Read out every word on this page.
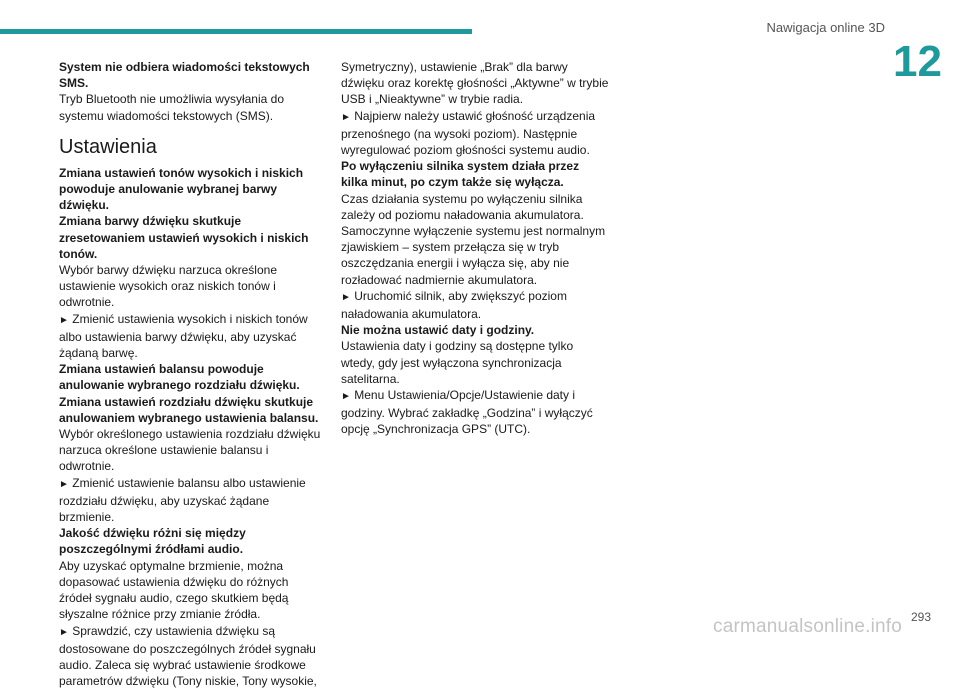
Nawigacja online 3D
12

System nie odbiera wiadomości tekstowych SMS.

Tryb Bluetooth nie umożliwia wysyłania do systemu wiadomości tekstowych (SMS).

Ustawienia

Zmiana ustawień tonów wysokich i niskich powoduje anulowanie wybranej barwy dźwięku.

Zmiana barwy dźwięku skutkuje zresetowaniem ustawień wysokich i niskich tonów.

Wybór barwy dźwięku narzuca określone ustawienie wysokich oraz niskich tonów i odwrotnie.

► Zmienić ustawienia wysokich i niskich tonów albo ustawienia barwy dźwięku, aby uzyskać żądaną barwę.

Zmiana ustawień balansu powoduje anulowanie wybranego rozdziału dźwięku.

Zmiana ustawień rozdziału dźwięku skutkuje anulowaniem wybranego ustawienia balansu.

Wybór określonego ustawienia rozdziału dźwięku narzuca określone ustawienie balansu i odwrotnie.

► Zmienić ustawienie balansu albo ustawienie rozdziału dźwięku, aby uzyskać żądane brzmienie.

Jakość dźwięku różni się między poszczególnymi źródłami audio.

Aby uzyskać optymalne brzmienie, można dopasować ustawienia dźwięku do różnych źródeł sygnału audio, czego skutkiem będą słyszalne różnice przy zmianie źródła.

► Sprawdzić, czy ustawienia dźwięku są dostosowane do poszczególnych źródeł sygnału audio. Zaleca się wybrać ustawienie środkowe parametrów dźwięku (Tony niskie, Tony wysokie,

Symetryczny), ustawienie „Brak” dla barwy dźwięku oraz korektę głośności „Aktywne” w trybie USB i „Nieaktywne” w trybie radia.

► Najpierw należy ustawić głośność urządzenia przenośnego (na wysoki poziom). Następnie wyregulować poziom głośności systemu audio.

Po wyłączeniu silnika system działa przez kilka minut, po czym także się wyłącza.

Czas działania systemu po wyłączeniu silnika zależy od poziomu naładowania akumulatora.

Samoczynne wyłączenie systemu jest normalnym zjawiskiem – system przełącza się w tryb oszczędzania energii i wyłącza się, aby nie rozładować nadmiernie akumulatora.

► Uruchomić silnik, aby zwiększyć poziom naładowania akumulatora.

Nie można ustawić daty i godziny.

Ustawienia daty i godziny są dostępne tylko wtedy, gdy jest wyłączona synchronizacja satelitarna.

► Menu Ustawienia/Opcje/Ustawienie daty i godziny. Wybrać zakładkę „Godzina” i wyłączyć opcję „Synchronizacja GPS” (UTC).

293
carmanualsonline.info
